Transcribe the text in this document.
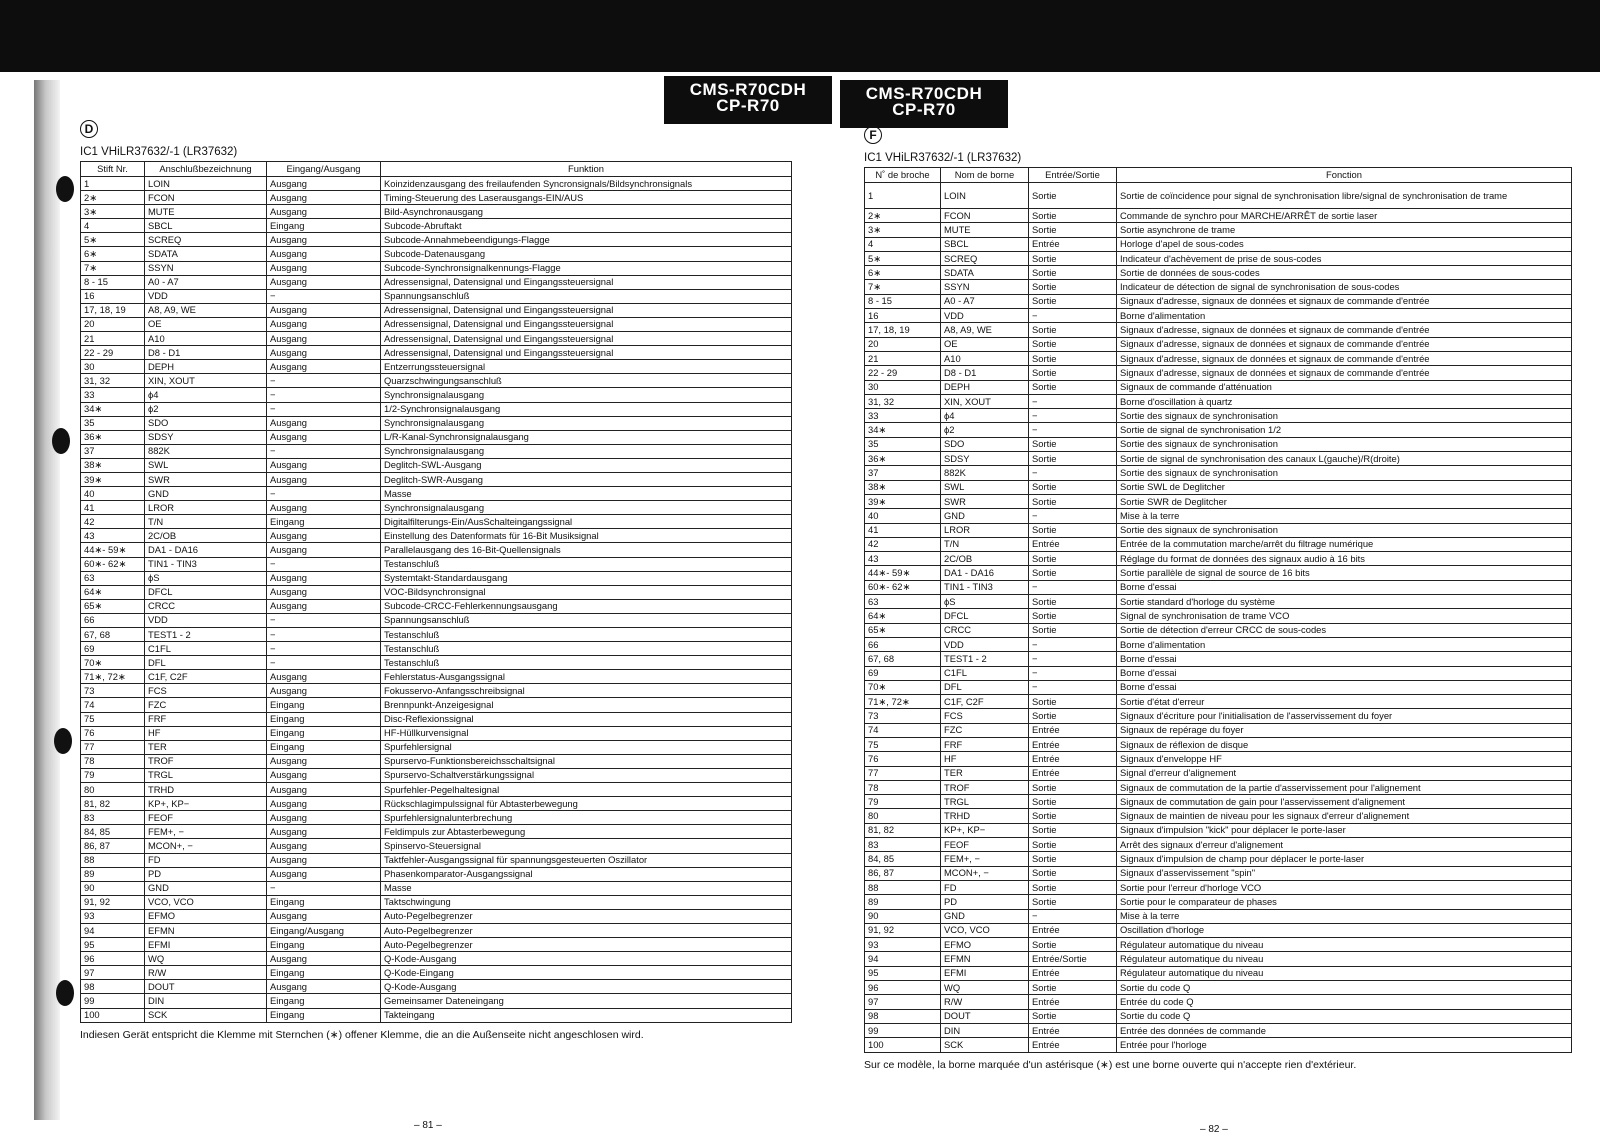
CMS-R70CDH
CP-R70
CMS-R70CDH
CP-R70
D
IC1 VHiLR37632/-1 (LR37632)
Stift Nr.	Anschlußbezeichnung	Eingang/Ausgang	Funktion
1	LOIN	Ausgang	Koinzidenzausgang des freilaufenden Syncronsignals/Bildsynchronsignals
2∗	FCON	Ausgang	Timing-Steuerung des Laserausgangs-EIN/AUS
3∗	MUTE	Ausgang	Bild-Asynchronausgang
4	SBCL	Eingang	Subcode-Abruftakt
5∗	SCREQ	Ausgang	Subcode-Annahmebeendigungs-Flagge
6∗	SDATA	Ausgang	Subcode-Datenausgang
7∗	SSYN	Ausgang	Subcode-Synchronsignalkennungs-Flagge
8 - 15	A0 - A7	Ausgang	Adressensignal, Datensignal und Eingangssteuersignal
16	VDD	−	Spannungsanschluß
17, 18, 19	A8, A9, WE	Ausgang	Adressensignal, Datensignal und Eingangssteuersignal
20	OE	Ausgang	Adressensignal, Datensignal und Eingangssteuersignal
21	A10	Ausgang	Adressensignal, Datensignal und Eingangssteuersignal
22 - 29	D8 - D1	Ausgang	Adressensignal, Datensignal und Eingangssteuersignal
30	DEPH	Ausgang	Entzerrungssteuersignal
31, 32	XIN, XOUT	−	Quarzschwingungsanschluß
33	ϕ4	−	Synchronsignalausgang
34∗	ϕ2	−	1/2-Synchronsignalausgang
35	SDO	Ausgang	Synchronsignalausgang
36∗	SDSY	Ausgang	L/R-Kanal-Synchronsignalausgang
37	882K	−	Synchronsignalausgang
38∗	SWL	Ausgang	Deglitch-SWL-Ausgang
39∗	SWR	Ausgang	Deglitch-SWR-Ausgang
40	GND	−	Masse
41	LROR	Ausgang	Synchronsignalausgang
42	T/N	Eingang	Digitalfilterungs-Ein/AusSchalteingangssignal
43	2C/OB	Ausgang	Einstellung des Datenformats für 16-Bit Musiksignal
44∗- 59∗	DA1 - DA16	Ausgang	Parallelausgang des 16-Bit-Quellensignals
60∗- 62∗	TIN1 - TIN3	−	Testanschluß
63	ϕS	Ausgang	Systemtakt-Standardausgang
64∗	DFCL	Ausgang	VOC-Bildsynchronsignal
65∗	CRCC	Ausgang	Subcode-CRCC-Fehlerkennungsausgang
66	VDD	−	Spannungsanschluß
67, 68	TEST1 - 2	−	Testanschluß
69	C1FL	−	Testanschluß
70∗	DFL	−	Testanschluß
71∗, 72∗	C1F, C2F	Ausgang	Fehlerstatus-Ausgangssignal
73	FCS	Ausgang	Fokusservo-Anfangsschreibsignal
74	FZC	Eingang	Brennpunkt-Anzeigesignal
75	FRF	Eingang	Disc-Reflexionssignal
76	HF	Eingang	HF-Hüllkurvensignal
77	TER	Eingang	Spurfehlersignal
78	TROF	Ausgang	Spurservo-Funktionsbereichsschaltsignal
79	TRGL	Ausgang	Spurservo-Schaltverstärkungssignal
80	TRHD	Ausgang	Spurfehler-Pegelhaltesignal
81, 82	KP+, KP−	Ausgang	Rückschlagimpulssignal für Abtasterbewegung
83	FEOF	Ausgang	Spurfehlersignalunterbrechung
84, 85	FEM+, −	Ausgang	Feldimpuls zur Abtasterbewegung
86, 87	MCON+, −	Ausgang	Spinservo-Steuersignal
88	FD	Ausgang	Taktfehler-Ausgangssignal für spannungsgesteuerten Oszillator
89	PD	Ausgang	Phasenkomparator-Ausgangssignal
90	GND	−	Masse
91, 92	VCO, VCO	Eingang	Taktschwingung
93	EFMO	Ausgang	Auto-Pegelbegrenzer
94	EFMN	Eingang/Ausgang	Auto-Pegelbegrenzer
95	EFMI	Eingang	Auto-Pegelbegrenzer
96	WQ	Ausgang	Q-Kode-Ausgang
97	R/W	Eingang	Q-Kode-Eingang
98	DOUT	Ausgang	Q-Kode-Ausgang
99	DIN	Eingang	Gemeinsamer Dateneingang
100	SCK	Eingang	Takteingang
Indiesen Gerät entspricht die Klemme mit Sternchen (∗) offener Klemme, die an die Außenseite nicht angeschlosen wird.
F
IC1 VHiLR37632/-1 (LR37632)
N˚ de broche	Nom de borne	Entrée/Sortie	Fonction
1	LOIN	Sortie	Sortie de coïncidence pour signal de synchronisation libre/signal de synchronisation de trame
2∗	FCON	Sortie	Commande de synchro pour MARCHE/ARRÊT de sortie laser
3∗	MUTE	Sortie	Sortie asynchrone de trame
4	SBCL	Entrée	Horloge d'apel de sous-codes
5∗	SCREQ	Sortie	Indicateur d'achèvement de prise de sous-codes
6∗	SDATA	Sortie	Sortie de données de sous-codes
7∗	SSYN	Sortie	Indicateur de détection de signal de synchronisation de sous-codes
8 - 15	A0 - A7	Sortie	Signaux d'adresse, signaux de données et signaux de commande d'entrée
16	VDD	−	Borne d'alimentation
17, 18, 19	A8, A9, WE	Sortie	Signaux d'adresse, signaux de données et signaux de commande d'entrée
20	OE	Sortie	Signaux d'adresse, signaux de données et signaux de commande d'entrée
21	A10	Sortie	Signaux d'adresse, signaux de données et signaux de commande d'entrée
22 - 29	D8 - D1	Sortie	Signaux d'adresse, signaux de données et signaux de commande d'entrée
30	DEPH	Sortie	Signaux de commande d'atténuation
31, 32	XIN, XOUT	−	Borne d'oscillation à quartz
33	ϕ4	−	Sortie des signaux de synchronisation
34∗	ϕ2	−	Sortie de signal de synchronisation 1/2
35	SDO	Sortie	Sortie des signaux de synchronisation
36∗	SDSY	Sortie	Sortie de signal de synchronisation des canaux L(gauche)/R(droite)
37	882K	−	Sortie des signaux de synchronisation
38∗	SWL	Sortie	Sortie SWL de Deglitcher
39∗	SWR	Sortie	Sortie SWR de Deglitcher
40	GND	−	Mise à la terre
41	LROR	Sortie	Sortie des signaux de synchronisation
42	T/N	Entrée	Entrée de la commutation marche/arrêt du filtrage numérique
43	2C/OB	Sortie	Réglage du format de données des signaux audio à 16 bits
44∗- 59∗	DA1 - DA16	Sortie	Sortie parallèle de signal de source de 16 bits
60∗- 62∗	TIN1 - TIN3	−	Borne d'essai
63	ϕS	Sortie	Sortie standard d'horloge du système
64∗	DFCL	Sortie	Signal de synchronisation de trame VCO
65∗	CRCC	Sortie	Sortie de détection d'erreur CRCC de sous-codes
66	VDD	−	Borne d'alimentation
67, 68	TEST1 - 2	−	Borne d'essai
69	C1FL	−	Borne d'essai
70∗	DFL	−	Borne d'essai
71∗, 72∗	C1F, C2F	Sortie	Sortie d'état d'erreur
73	FCS	Sortie	Signaux d'écriture pour l'initialisation de l'asservissement du foyer
74	FZC	Entrée	Signaux de repérage du foyer
75	FRF	Entrée	Signaux de réflexion de disque
76	HF	Entrée	Signaux d'enveloppe HF
77	TER	Entrée	Signal d'erreur d'alignement
78	TROF	Sortie	Signaux de commutation de la partie d'asservissement pour l'alignement
79	TRGL	Sortie	Signaux de commutation de gain pour l'asservissement d'alignement
80	TRHD	Sortie	Signaux de maintien de niveau pour les signaux d'erreur d'alignement
81, 82	KP+, KP−	Sortie	Signaux d'impulsion "kick" pour déplacer le porte-laser
83	FEOF	Sortie	Arrêt des signaux d'erreur d'alignement
84, 85	FEM+, −	Sortie	Signaux d'impulsion de champ pour déplacer le porte-laser
86, 87	MCON+, −	Sortie	Signaux d'asservissement "spin"
88	FD	Sortie	Sortie pour l'erreur d'horloge VCO
89	PD	Sortie	Sortie pour le comparateur de phases
90	GND	−	Mise à la terre
91, 92	VCO, VCO	Entrée	Oscillation d'horloge
93	EFMO	Sortie	Régulateur automatique du niveau
94	EFMN	Entrée/Sortie	Régulateur automatique du niveau
95	EFMI	Entrée	Régulateur automatique du niveau
96	WQ	Sortie	Sortie du code Q
97	R/W	Entrée	Entrée du code Q
98	DOUT	Sortie	Sortie du code Q
99	DIN	Entrée	Entrée des données de commande
100	SCK	Entrée	Entrée pour l'horloge
Sur ce modèle, la borne marquée d'un astérisque (∗) est une borne ouverte qui n'accepte rien d'extérieur.
– 81 –	– 82 –
